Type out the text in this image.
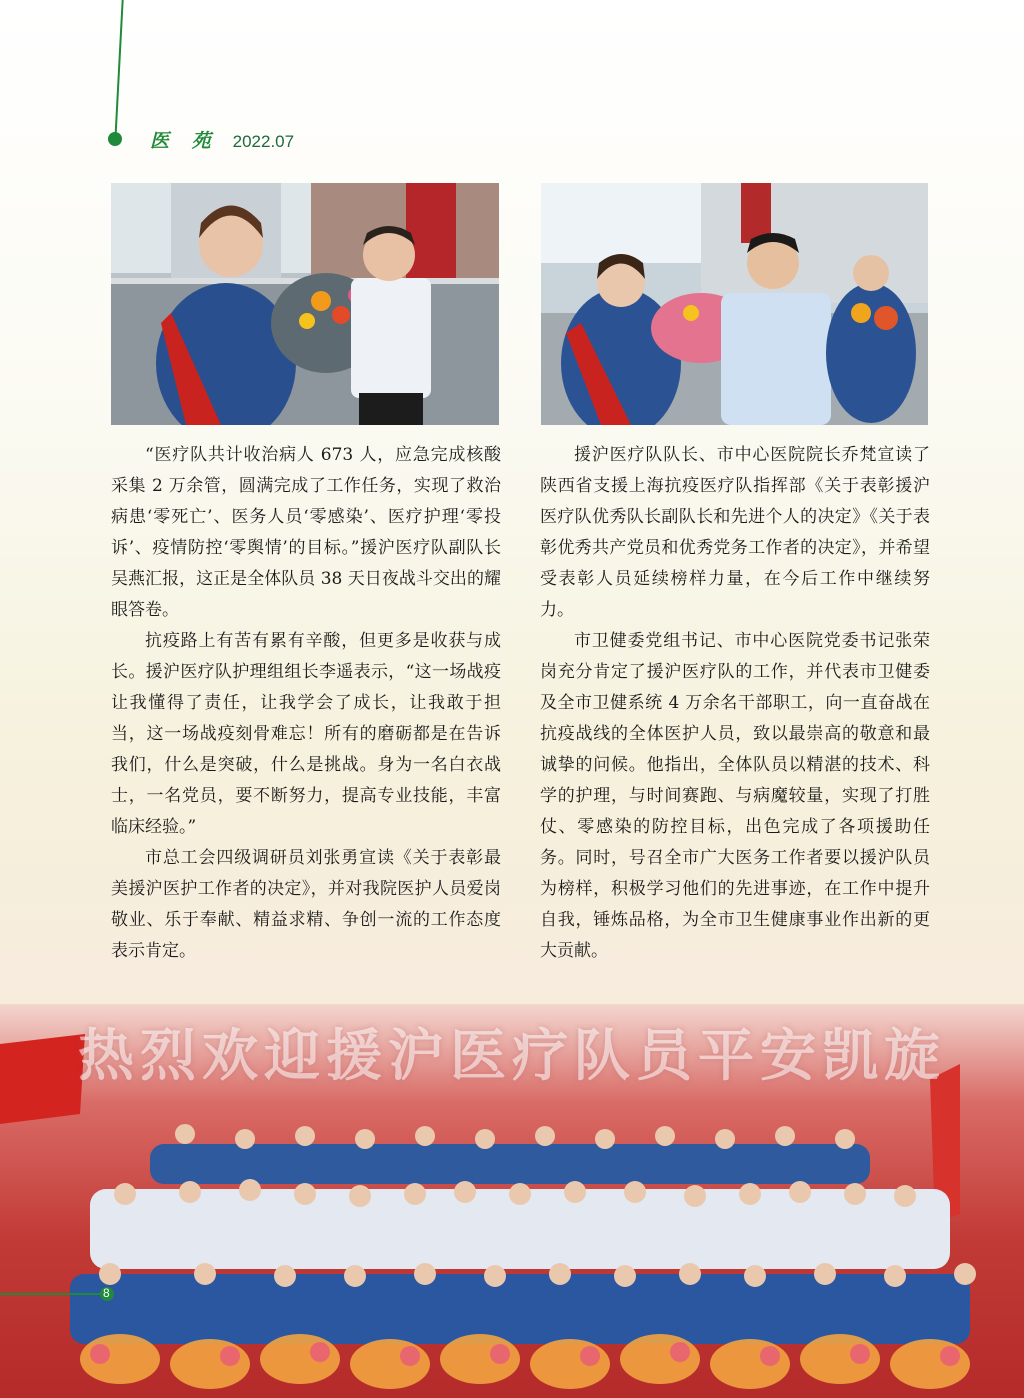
医 苑 2022.07

“医疗队共计收治病人 673 人，应急完成核酸采集 2 万余管，圆满完成了工作任务，实现了救治病患‘零死亡’、医务人员‘零感染’、医疗护理‘零投诉’、疫情防控‘零舆情’的目标。”援沪医疗队副队长吴燕汇报，这正是全体队员 38 天日夜战斗交出的耀眼答卷。

抗疫路上有苦有累有辛酸，但更多是收获与成长。援沪医疗队护理组组长李遥表示，“这一场战疫让我懂得了责任，让我学会了成长，让我敢于担当，这一场战疫刻骨难忘！所有的磨砺都是在告诉我们，什么是突破，什么是挑战。身为一名白衣战士，一名党员，要不断努力，提高专业技能，丰富临床经验。”

市总工会四级调研员刘张勇宣读《关于表彰最美援沪医护工作者的决定》，并对我院医护人员爱岗敬业、乐于奉献、精益求精、争创一流的工作态度表示肯定。

援沪医疗队队长、市中心医院院长乔梵宣读了陕西省支援上海抗疫医疗队指挥部《关于表彰援沪医疗队优秀队长副队长和先进个人的决定》《关于表彰优秀共产党员和优秀党务工作者的决定》，并希望受表彰人员延续榜样力量，在今后工作中继续努力。

市卫健委党组书记、市中心医院党委书记张荣岗充分肯定了援沪医疗队的工作，并代表市卫健委及全市卫健系统 4 万余名干部职工，向一直奋战在抗疫战线的全体医护人员，致以最崇高的敬意和最诚挚的问候。他指出，全体队员以精湛的技术、科学的护理，与时间赛跑、与病魔较量，实现了打胜仗、零感染的防控目标，出色完成了各项援助任务。同时，号召全市广大医务工作者要以援沪队员为榜样，积极学习他们的先进事迹，在工作中提升自我，锤炼品格，为全市卫生健康事业作出新的更大贡献。

热烈欢迎援沪医疗队员平安凯旋
8
